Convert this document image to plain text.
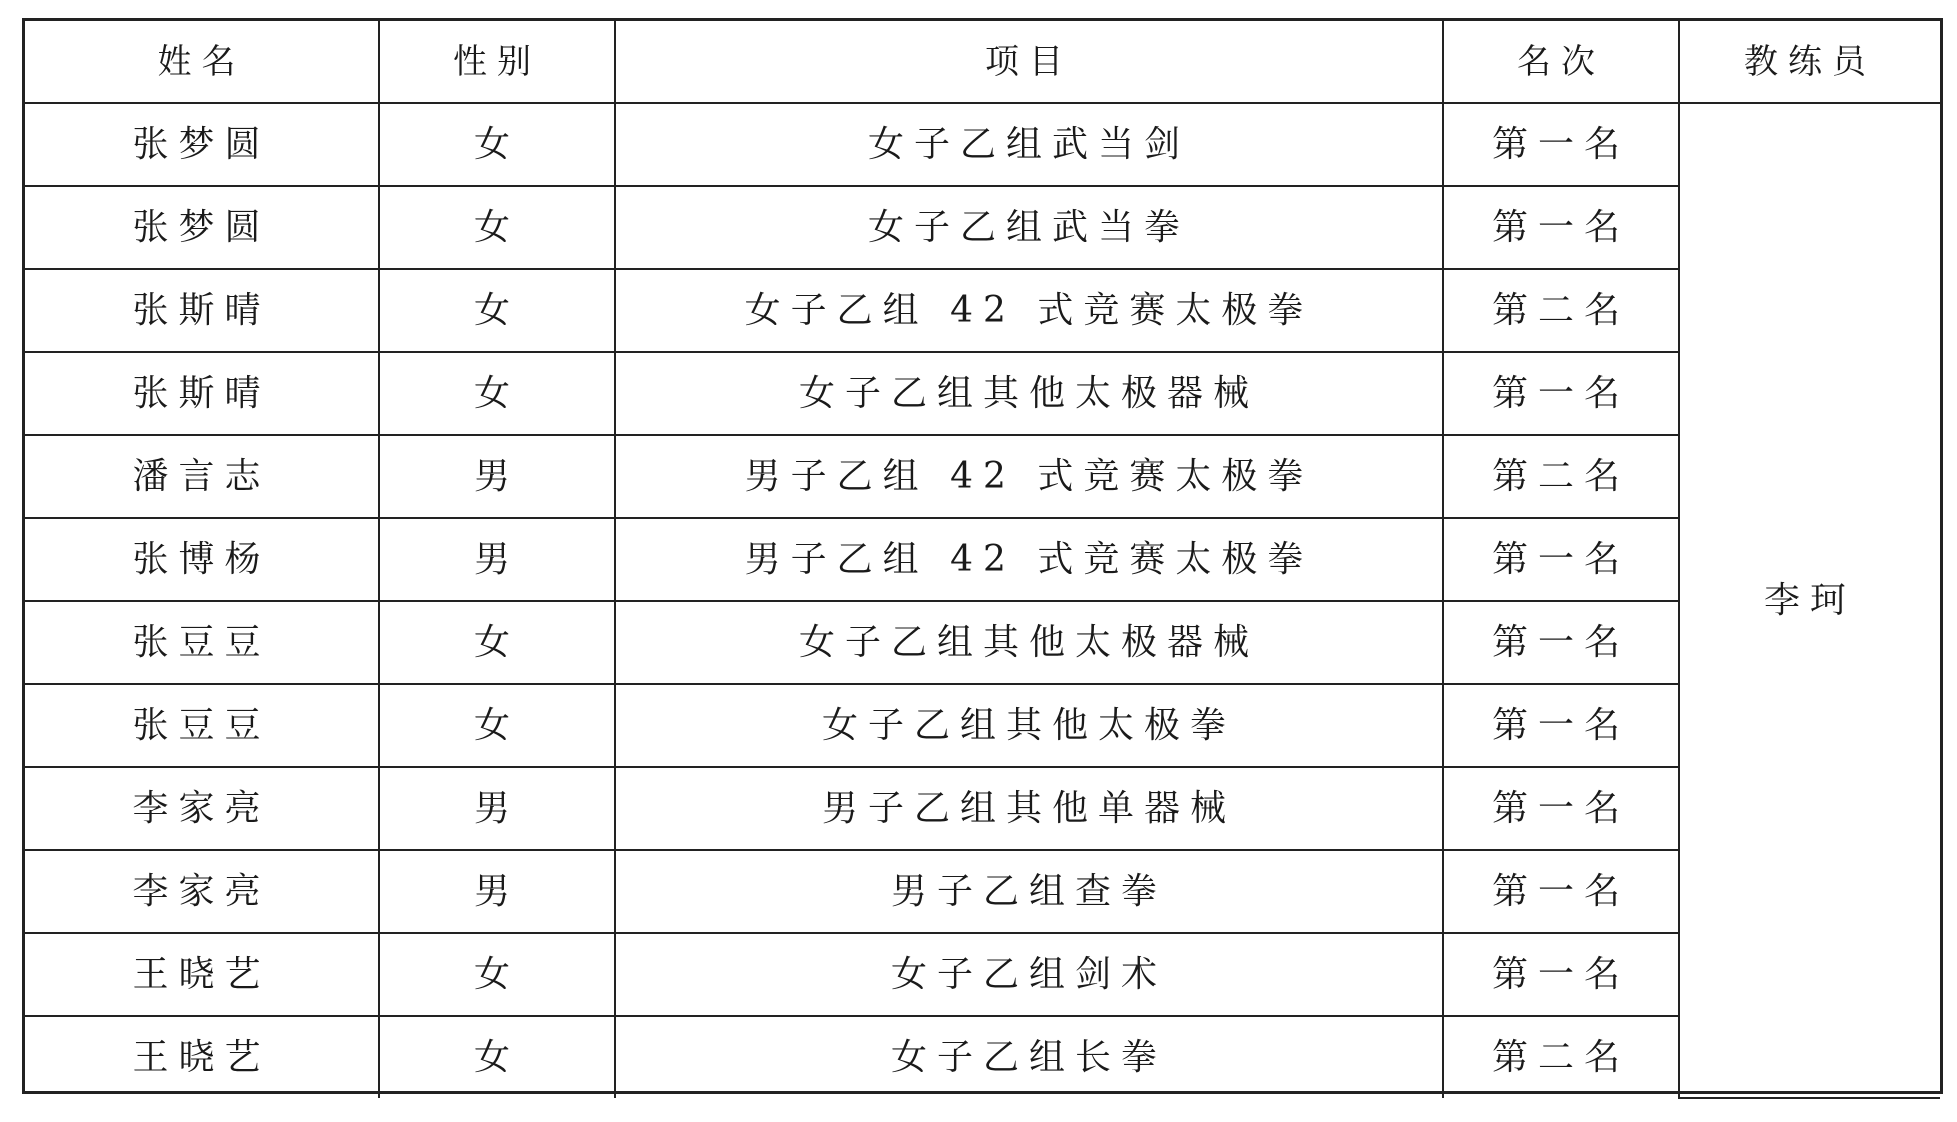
姓名	性别	项目	名次	教练员
张梦圆	女	女子乙组武当剑	第一名	李珂
张梦圆	女	女子乙组武当拳	第一名	
张斯晴	女	女子乙组 42 式竞赛太极拳	第二名	
张斯晴	女	女子乙组其他太极器械	第一名	
潘言志	男	男子乙组 42 式竞赛太极拳	第二名	
张博杨	男	男子乙组 42 式竞赛太极拳	第一名	
张豆豆	女	女子乙组其他太极器械	第一名	
张豆豆	女	女子乙组其他太极拳	第一名	
李家亮	男	男子乙组其他单器械	第一名	
李家亮	男	男子乙组查拳	第一名	
王晓艺	女	女子乙组剑术	第一名	
王晓艺	女	女子乙组长拳	第二名	
